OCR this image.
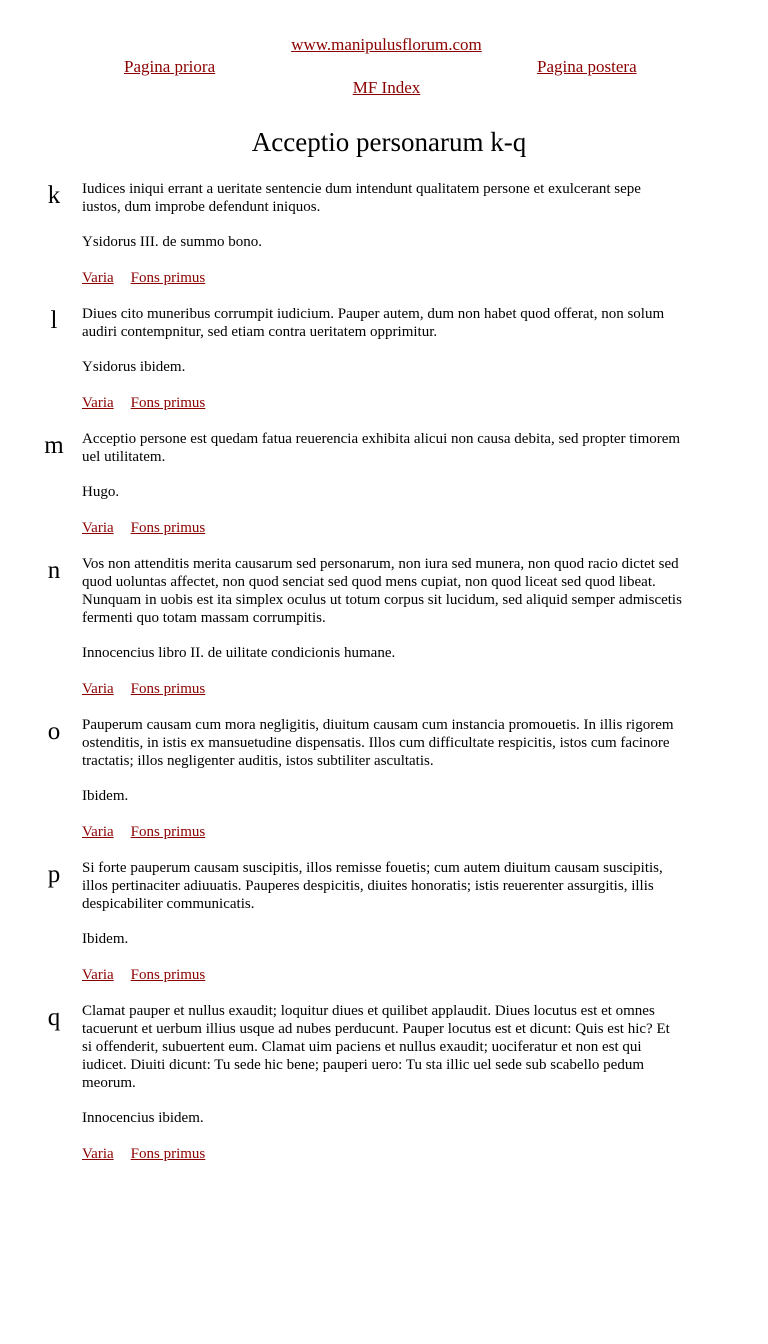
www.manipulusflorum.com
Pagina priora	Pagina postera
MF Index
Acceptio personarum k-q
k	Iudices iniqui errant a ueritate sentencie dum intendunt qualitatem persone et exulcerant sepe iustos, dum improbe defendunt iniquos.

Ysidorus III. de summo bono.

Varia Fons primus

l	Diues cito muneribus corrumpit iudicium. Pauper autem, dum non habet quod offerat, non solum audiri contempnitur, sed etiam contra ueritatem opprimitur.

Ysidorus ibidem.

Varia Fons primus

m Acceptio persone est quedam fatua reuerencia exhibita alicui non causa debita, sed propter timorem uel utilitatem.

Hugo.

Varia Fons primus

n	Vos non attenditis merita causarum sed personarum, non iura sed munera, non quod racio dictet sed quod uoluntas affectet, non quod senciat sed quod mens cupiat, non quod liceat sed quod libeat. Nunquam in uobis est ita simplex oculus ut totum corpus sit lucidum, sed aliquid semper admiscetis fermenti quo totam massam corrumpitis.

Innocencius libro II. de uilitate condicionis humane.

Varia Fons primus

o	Pauperum causam cum mora negligitis, diuitum causam cum instancia promouetis. In illis rigorem ostenditis, in istis ex mansuetudine dispensatis. Illos cum difficultate respicitis, istos cum facinore tractatis; illos negligenter auditis, istos subtiliter ascultatis.

Ibidem.

Varia Fons primus

p	Si forte pauperum causam suscipitis, illos remisse fouetis; cum autem diuitum causam suscipitis, illos pertinaciter adiuuatis. Pauperes despicitis, diuites honoratis; istis reuerenter assurgitis, illis despicabiliter communicatis.

Ibidem.

Varia Fons primus

q	Clamat pauper et nullus exaudit; loquitur diues et quilibet applaudit. Diues locutus est et omnes tacuerunt et uerbum illius usque ad nubes perducunt. Pauper locutus est et dicunt: Quis est hic? Et si offenderit, subuertent eum. Clamat uim paciens et nullus exaudit; uociferatur et non est qui iudicet. Diuiti dicunt: Tu sede hic bene; pauperi uero: Tu sta illic uel sede sub scabello pedum meorum.

Innocencius ibidem.

Varia Fons primus
